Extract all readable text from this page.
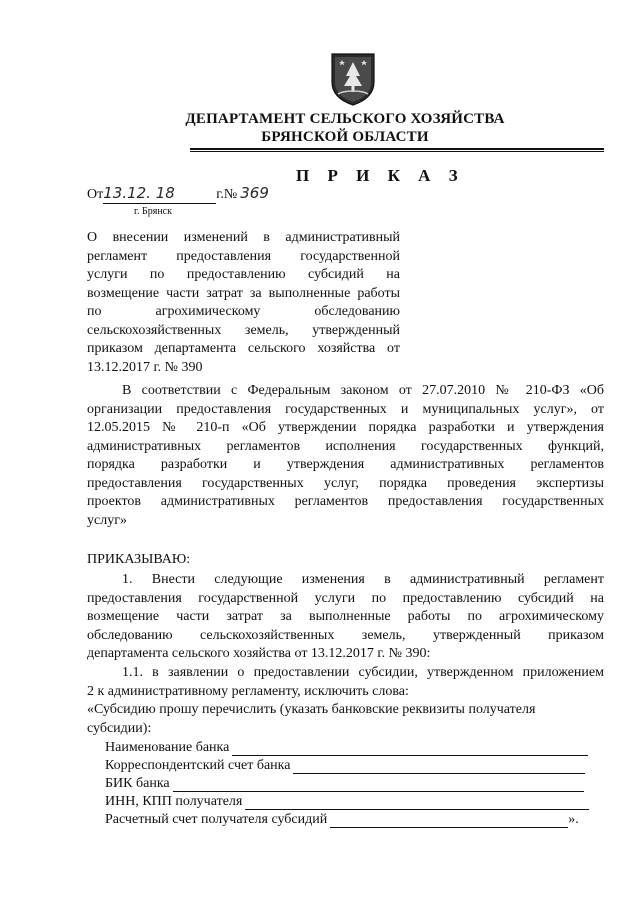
ДЕПАРТАМЕНТ СЕЛЬСКОГО ХОЗЯЙСТВА
БРЯНСКОЙ ОБЛАСТИ
П Р И К А З
От13.12. 18	г.№ 369
г. Брянск
О внесении изменений в административный
регламент предоставления государственной
услуги по предоставлению субсидий на
возмещение части затрат за выполненные работы
по агрохимическому обследованию
сельскохозяйственных земель, утвержденный
приказом департамента сельского хозяйства от
13.12.2017 г. № 390
В соответствии с Федеральным законом от 27.07.2010 № 210-ФЗ «Об
организации предоставления государственных и муниципальных услуг», от
12.05.2015 № 210-п «Об утверждении порядка разработки и утверждения
административных регламентов исполнения государственных функций,
порядка разработки и утверждения административных регламентов
предоставления государственных услуг, порядка проведения экспертизы
проектов административных регламентов предоставления государственных
услуг»
ПРИКАЗЫВАЮ:
1. Внести следующие изменения в административный регламент
предоставления государственной услуги по предоставлению субсидий на
возмещение части затрат за выполненные работы по агрохимическому
обследованию сельскохозяйственных земель, утвержденный приказом
департамента сельского хозяйства от 13.12.2017 г. № 390:
1.1. в заявлении о предоставлении субсидии, утвержденном приложением
2 к административному регламенту, исключить слова:
«Субсидию прошу перечислить (указать банковские реквизиты получателя
субсидии):
Наименование банка
Корреспондентский счет банка
БИК банка
ИНН, КПП получателя
Расчетный счет получателя субсидий	».
